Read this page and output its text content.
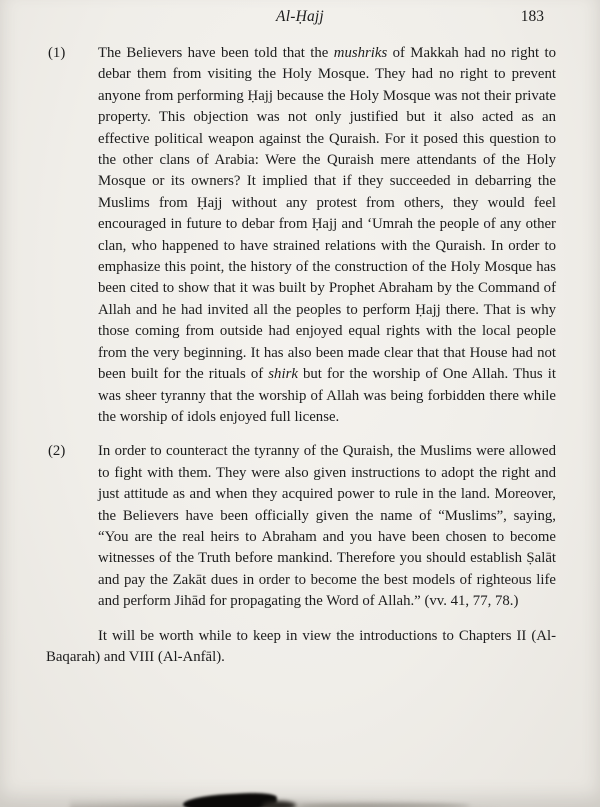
Al-Ḥajj	183
(1) The Believers have been told that the mushriks of Makkah had no right to debar them from visiting the Holy Mosque. They had no right to prevent anyone from performing Ḥajj because the Holy Mosque was not their private property. This objection was not only justified but it also acted as an effective political weapon against the Quraish. For it posed this question to the other clans of Arabia: Were the Quraish mere attendants of the Holy Mosque or its owners? It implied that if they succeeded in debarring the Muslims from Ḥajj without any protest from others, they would feel encouraged in future to debar from Ḥajj and ʻUmrah the people of any other clan, who happened to have strained relations with the Quraish. In order to emphasize this point, the history of the construction of the Holy Mosque has been cited to show that it was built by Prophet Abraham by the Command of Allah and he had invited all the peoples to perform Ḥajj there. That is why those coming from outside had enjoyed equal rights with the local people from the very beginning. It has also been made clear that that House had not been built for the rituals of shirk but for the worship of One Allah. Thus it was sheer tyranny that the worship of Allah was being forbidden there while the worship of idols enjoyed full license.
(2) In order to counteract the tyranny of the Quraish, the Muslims were allowed to fight with them. They were also given instructions to adopt the right and just attitude as and when they acquired power to rule in the land. Moreover, the Believers have been officially given the name of “Muslims”, saying, “You are the real heirs to Abraham and you have been chosen to become witnesses of the Truth before mankind. Therefore you should establish Ṣalāt and pay the Zakāt dues in order to become the best models of righteous life and perform Jihād for propagating the Word of Allah.” (vv. 41, 77, 78.)
It will be worth while to keep in view the introductions to Chapters II (Al-Baqarah) and VIII (Al-Anfāl).
